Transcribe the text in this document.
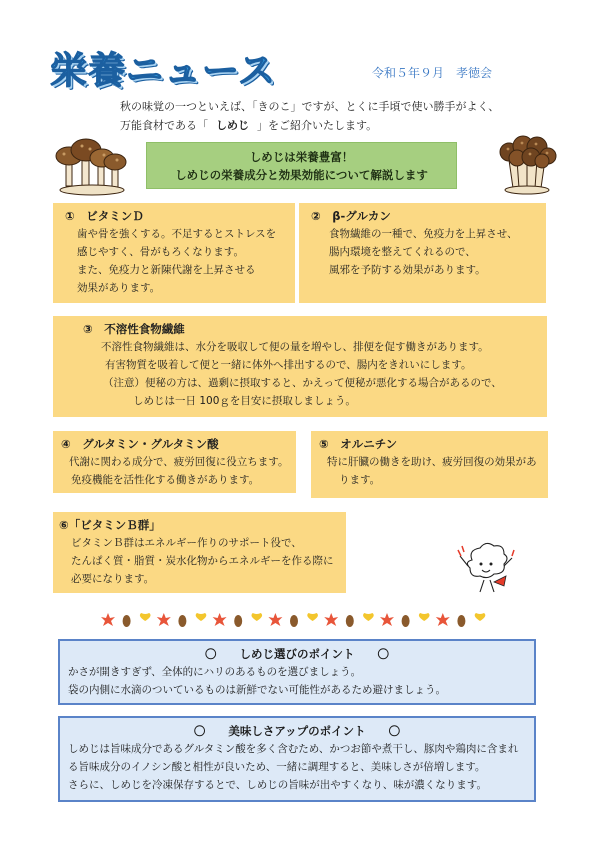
栄養ニュース	令和５年９月　孝徳会
秋の味覚の一つといえば、「きのこ」ですが、とくに手頃で使い勝手がよく、
万能食材である「 しめじ 」をご紹介いたします。
しめじは栄養豊富！
しめじの栄養成分と効果効能について解説します
①　ビタミンＤ
歯や骨を強くする。不足するとストレスを
感じやすく、骨がもろくなります。
また、免疫力と新陳代謝を上昇させる
効果があります。
②　β-グルカン
食物繊維の一種で、免疫力を上昇させ、
腸内環境を整えてくれるので、
風邪を予防する効果があります。
③　不溶性食物繊維
不溶性食物繊維は、水分を吸収して便の量を増やし、排便を促す働きがあります。
有害物質を吸着して便と一緒に体外へ排出するので、腸内をきれいにします。
（注意）便秘の方は、過剰に摂取すると、かえって便秘が悪化する場合があるので、
しめじは一日 100ｇを目安に摂取しましょう。
④　グルタミン・グルタミン酸
代謝に関わる成分で、疲労回復に役立ちます。
免疫機能を活性化する働きがあります。
⑤　オルニチン
特に肝臓の働きを助け、疲労回復の効果があ
ります。
⑥「ビタミンＢ群」
ビタミンＢ群はエネルギー作りのサポート役で、
たんぱく質・脂質・炭水化物からエネルギーを作る際に
必要になります。
〇　　しめじ選びのポイント　　〇
かさが開きすぎず、全体的にハリのあるものを選びましょう。
袋の内側に水滴のついているものは新鮮でない可能性があるため避けましょう。
〇　　美味しさアップのポイント　　〇
しめじは旨味成分であるグルタミン酸を多く含むため、かつお節や煮干し、豚肉や鶏肉に含まれ
る旨味成分のイノシン酸と相性が良いため、一緒に調理すると、美味しさが倍増します。
さらに、しめじを冷凍保存するとで、しめじの旨味が出やすくなり、味が濃くなります。
